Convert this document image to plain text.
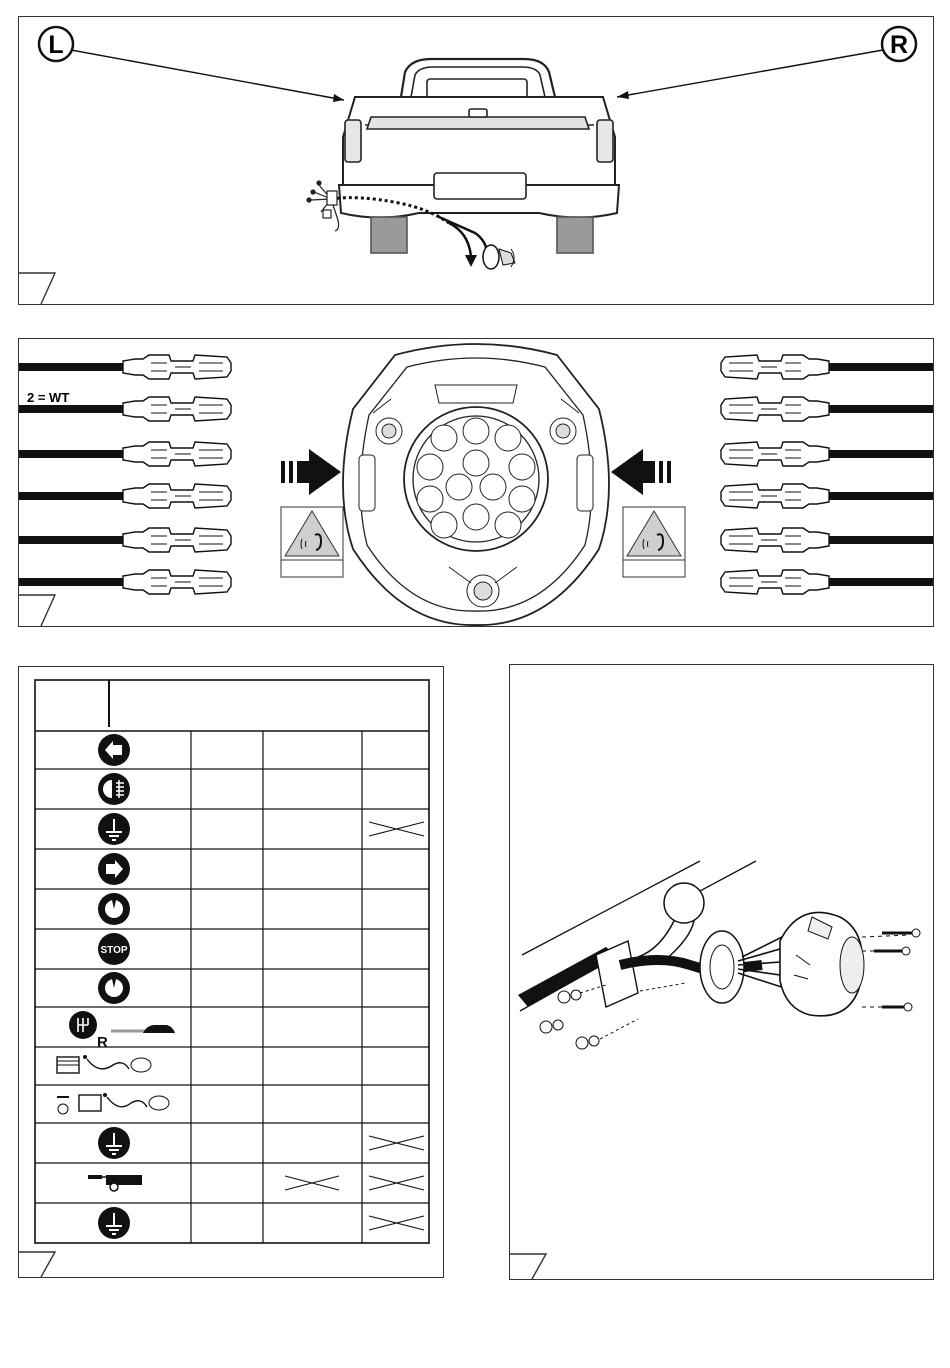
L	R
2 = WT
STOP
R
